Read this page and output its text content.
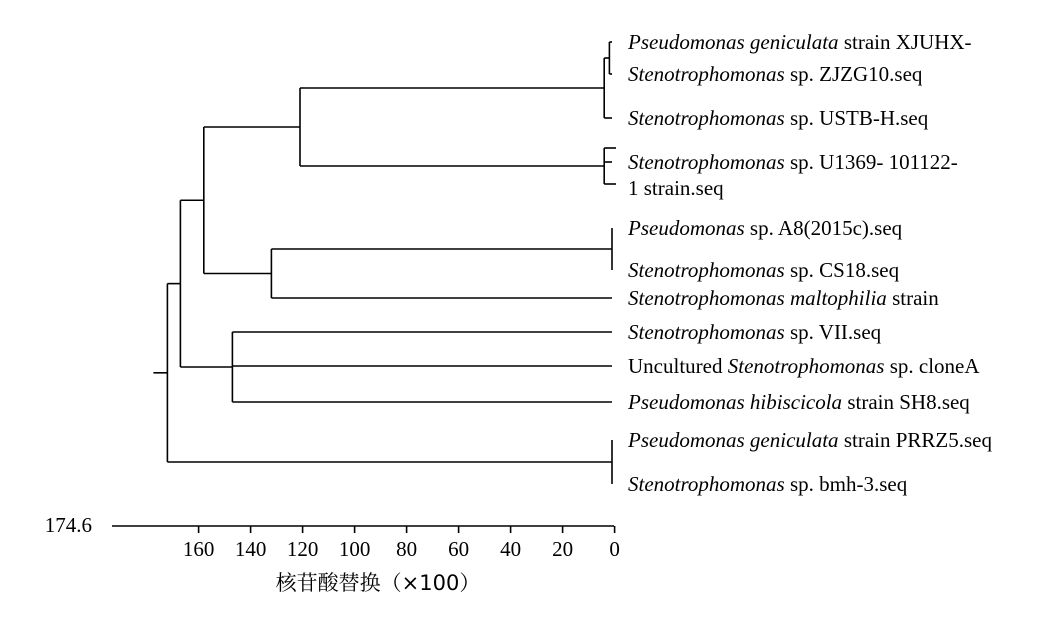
Pseudomonas geniculata strain XJUHX-
Stenotrophomonas sp. ZJZG10.seq
Stenotrophomonas sp. USTB-H.seq
Stenotrophomonas sp. U1369- 101122-
1 strain.seq
Pseudomonas sp. A8(2015c).seq
Stenotrophomonas sp. CS18.seq
Stenotrophomonas maltophilia strain
Stenotrophomonas sp. VII.seq
Uncultured Stenotrophomonas sp. cloneA
Pseudomonas hibiscicola strain SH8.seq
Pseudomonas geniculata strain PRRZ5.seq
Stenotrophomonas sp. bmh-3.seq
160 140 120 100 80 60 40 20 0
174.6
核苷酸替换（×100）
